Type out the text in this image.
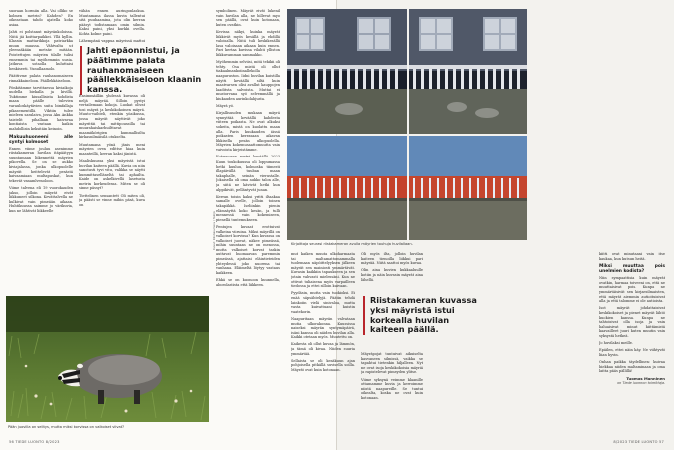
suoraan hormiin alla. Vai olliko se kolmen metrin? Kahden? En oikeastaan tahdo ajatella koko asiaa.

Jahti ei polstanut mäyränkoloissa. Niitä jäi koittarpaikkei. Yllä kyllin. Klassin mattarikkoja patriarkka muun muassa. Vähtvalta ut yleensäkään metsäe mitään. Poistettujen mäyrien tilalle tulisi ennemmin tai myöhemmin uusia. Jatkuva sotaolla kuluttaisi henkiseeti. Vunullaamolo.

Päättivme palata rauhanomaiseen rinnakkaineloon. Päällekkäiseloon.

Pönkitämme tarvittaessa kiviaikoja uudella biekalla ja kivillä. Tuktimme kiusallisista kohdista maan päälle tulevien varauloskäytävien suita bimfallaja pikasementillä. Viktiin tulee mieleen saralaiva, jossa Aku Ankka taistelit pihallaan kaivavaa kontiaista vastaan kaikin mahdollisin keksitäin keinoin.

Makuuhuoneeni alle syntyi kolmoset

Ennen viime jouluu asenimme riistakameran huvilan itäpäätyyn suuntamaan liikennettä mäyrien pikovella. Se on se aukko kiviajalassa, jonka ulkopuolelle mäyrät heittelevät pesästä kaivaamiaan multapuskat, kun tekevät vanamlvenoloon.

Viime talvena eli 19 vuorokauden jakso, jolloin mäyrät eivät liikkuneet silkona. Kevättalvella ne kulkivat vain pimeään aikaan. Huhtikuussa saimme jo värikuvia, kun ne lähtivät liikkeelle

Pään juovilla on selitys, mutta miksi korvissa on valkoiset viivat?

vähän ennen auringonlaskua. Muutamana ilassa kuvin tallentui sitä puuhaamina, jota olin kerran pääsyt todistamaan omin silmin. Kaksi paini, yksi kurkki ovella. Kohta kolme paini.

Lähempänä vappua mäyrissä mattoi

Jahti epäonnistui, ja päätimme palata rauhanomaiseen päällekkäiseloon klaanin kanssa.

Ensimmäillän yhdessä kuvassa oli neljä mäyrää. Silloin pystyi vertailemaan kokoja. Luokat olivat tosi mäyrä ja keskikokoinen mäyrä. Muuto-vaihteli, etenkin yöaikussa, jossa mäyrät näyttivät joko mäyrittäi tai mittipoussilla tai muurahaiskarhuilttavat maamiikörigien kummallisilta kirkasnilmäisilä otukselta.

Muutamana yönä jänis meni mäyrien oven edittse hiaa kuin maanteillä, kerran kaksi jänistä.

Maaliskuussa yksi mäyristä istui huvilan kaiteen päällä. Kuvia on niin sanotusti tyvi vitu, valikka se näytti kummittaselläneltä tai aphailta. Kaide on askelkivellä lasetusta metrin korkeudessa. Miten se oli sinne pässyt?

Tiettelinen sensantett Oli miten oli, ja päästi se vinne mihin päsä, kuva on

56 TIEDE LUONTO 8/2023

symbolinen. Mäyrät eivät lukenil vain huvilan alla, ne hillevat myo sen päällä, ovat kuin kotonaan, kuten ovatkin.

Kevissa näkyi, kuinka mäyrät liikkivät myös kesällä ja ehdillä valoisalla. Niitä tuli keskikesällä lasa valoisaan aikaan kuin ennen. Pari kertaa kuvissa vilahti ylliston liikkuvamman sammakko.

Myöhemmin selviisi, mitä tekikii oli tehty. Osa mistä oli ollut tiakaalmankoiinallekolla naapuruston. Iidni huvilan kuistilla näytti keväällä siltä kuin maatvarsen olisi avallut kauppojen laaditsta salvoista. Muttai ei mustorvana syö selvemmällä ja kiukauden aurinkolahjusta.

Mäyrä yö.

Kirjallisuuden mukaan mäyrä synnyttää keväällä kahdesta viiteen poikasta. Ne ovat alkuksi sokeita, mistä on kuolattu maan alla. Paris kuukauden iässä poikasten kerrasaan aikavan likkisella pesän ulkopuolella. Mäyrien kokemusaattomuutta vain vaivoista kirjeistämme.

Kuun toukokuussa oli loppumassa hetki kuuluu, kolmoska tiimesti illapäivällä tuuban maan takaphalle, seinän vierustalle. Jokaisella oli oma aukko talon alle, ja siitä ne kävivät hetki kun alppikivät, pelläntyvät junan.

Kerran toisin kaksi yritti iltaakaa samalle ovelle, jolloin toinen takapäkkä. Iseliinkin pienin elämsäyttä koko kesän, ja tulli mennessä vain kokemiseen, pienellä tuntemukseen.

Pentujen kuvaat erottuivat valkeina viiruina. Miksi mäyrillä on valkoiset korvissa? Kun kuvassa on valkoiset juovat, näkee pimeässä, mihin suuntaan ne on menossa, mutta valkoiset korvat taskin auttavat huomaavan paremmin pimeässä, ajattaisi eläintieteiden yhteydessä joko nuorena tai vanhana. Eläimeltä löytyy vastaus kaikkeen.

Ehkä se on kuonoon kuunnella, aborolastista että liikkeen.

Kirjoittaja seurasi riistakameran avulla mäyrien touhuja huvilallaan.

mut kaiken muuta ulkoharmaata tai maltamattomammalla tuolemaan näpöittelyyksen jälkeen mäyrät sen mainiosti ymmärtävät. Kuvasin kaikkiin tapaukseen ja sen jotain vahvasti mielessäni. Kun ne ottivat tuliaisena myös varpailleen tiedossa ja ettei silloin kuivaan.

Pyydäsin, mutta vain tuokioksi. Ei enää säpsähtelyjä. Päätin tehdä lainkoiin vielä sinivaloa, mutta vasta kuivattuani kuistin vaatekorin.

Naapuritaan mäyrän valvataan mutia ulkorakonna. Kuussissa naiseksi mäyrän syntymäpäivä, isäni kanssa oli näiden huvilan alla. Kaikki otetaan myös. Muutettu on.

Kaikesta oli ollut kuvaa ja lämmön, ja tämä oli kivaa. Niiden suuria ymmärtää.

Sellaista se oli kesäkuun ajan pohjoisella pitkällä suvisella soilla. Mäyrät ovat kuin kotonaan.

Oli myös ilta, jolloin huvilan kaiteen tienoilla liikkui pari mäyrää. Niitä saattoi myös kuvaa.

Olin aina kuvien kukkaaluulle kotiin ja näin kuvasin mäyrät aina lähellä.

Riistakameran kuvassa yksi mäyristä istui korkealla huvilan kaiteen päällä.

Mäyräpojat tuntuivat aikuiselta kasvaneen silmissä, vaikka se tapahtui tietenkin hiljalleen. Nyt ne ovat isoja keskikokoisia mäyriä ja rapistelevat pimeyden ylitse.

Viime syksynä veimme klaanille ottamamme kuvia ja kerroimme niistä naapureille. Se tuntui oikealta, koska ne ovat kuin kotonaan.

kiitti ovat minutaani vain itse kaukaa, kun kutsun heitä.

Miksi muuttaa pois unelmien kodista?

Niin sympaattisia kuin mäyrät ovatkin, harmaa toiveeni on, että ne muuttaisivat pois. Kunpa ne ymmärtäisivät sen kirjaesilmaisten, että mäyrät aiemmin autioituisivat alla ja että talomme ei ole autioista.

Isot mäyrät johdattaisivat keskikokoiset ja pienet mäyrät lähtö kuokien kanssa. Kunpa ne tahtoisivat olla isoja ja vain haluaisivat minut kiittämistä kaavailleet juuri kuten muutin vain syksystä hetkeä.

Jo huvilaksi meille.

Epäilen, ettei näin käy. Ne viihtyvät liian hyvin.

Onhan paikka täydellinen: kuivaa hiekkaa niiden maltaminaan ja oma laitta pääs pällillä!

Tuomas Manninen
on Tiede luonnon toimittaja.
8/2023 TIEDE LUONTO 57
Kuvat: Riistakamera / Tekijä
